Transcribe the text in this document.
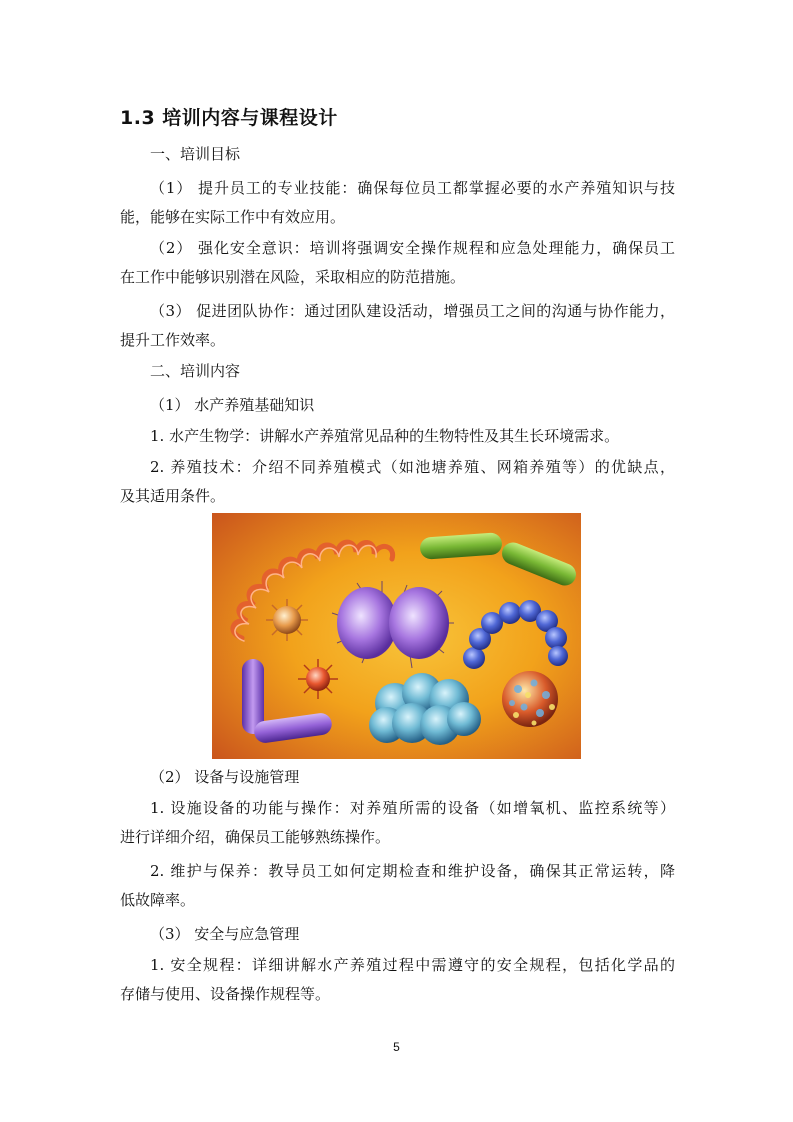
1.3 培训内容与课程设计
一、培训目标
（1） 提升员工的专业技能：确保每位员工都掌握必要的水产养殖知识与技
能，能够在实际工作中有效应用。
（2） 强化安全意识：培训将强调安全操作规程和应急处理能力，确保员工
在工作中能够识别潜在风险，采取相应的防范措施。
（3） 促进团队协作：通过团队建设活动，增强员工之间的沟通与协作能力，
提升工作效率。
二、培训内容
（1） 水产养殖基础知识
1. 水产生物学：讲解水产养殖常见品种的生物特性及其生长环境需求。
2. 养殖技术：介绍不同养殖模式（如池塘养殖、网箱养殖等）的优缺点，
及其适用条件。
（2） 设备与设施管理
1. 设施设备的功能与操作：对养殖所需的设备（如增氧机、监控系统等）
进行详细介绍，确保员工能够熟练操作。
2. 维护与保养：教导员工如何定期检查和维护设备，确保其正常运转，降
低故障率。
（3） 安全与应急管理
1. 安全规程：详细讲解水产养殖过程中需遵守的安全规程，包括化学品的
存储与使用、设备操作规程等。
5
